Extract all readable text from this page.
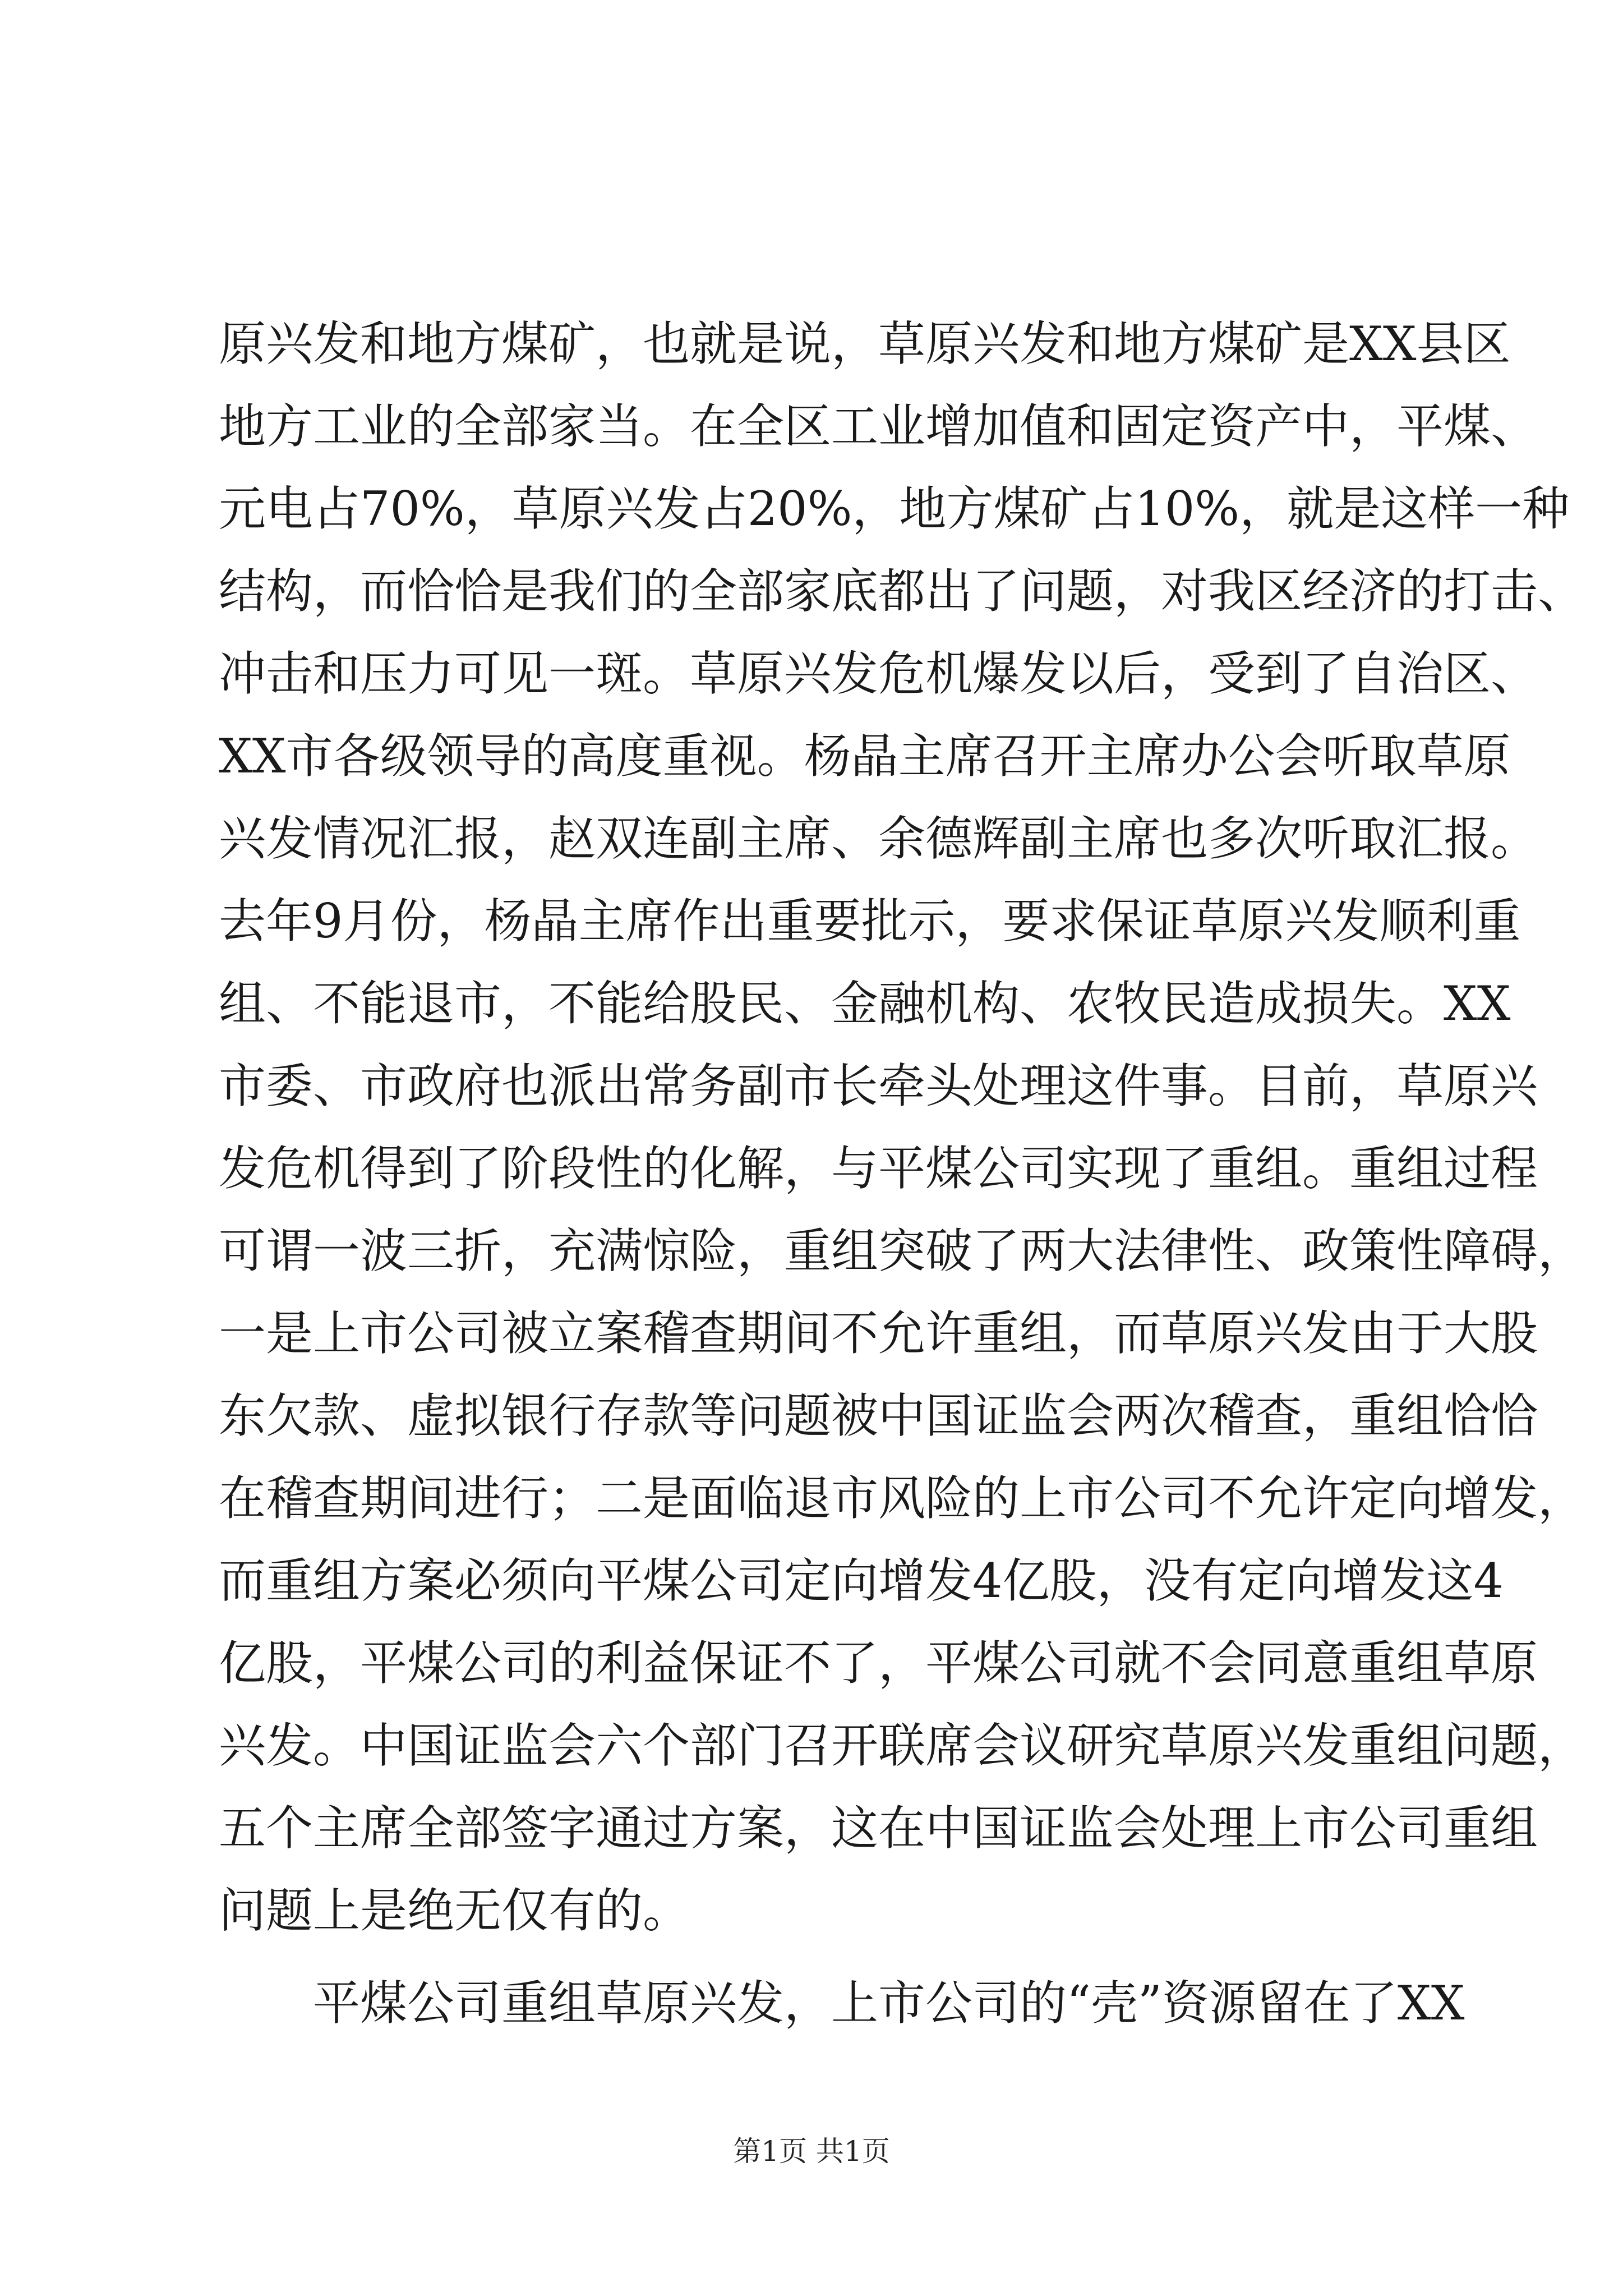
原兴发和地方煤矿，也就是说，草原兴发和地方煤矿是XX县区
地方工业的全部家当。在全区工业增加值和固定资产中，平煤、
元电占70%，草原兴发占20%，地方煤矿占10%，就是这样一种
结构，而恰恰是我们的全部家底都出了问题，对我区经济的打击、
冲击和压力可见一斑。草原兴发危机爆发以后，受到了自治区、
XX市各级领导的高度重视。杨晶主席召开主席办公会听取草原
兴发情况汇报，赵双连副主席、余德辉副主席也多次听取汇报。
去年9月份，杨晶主席作出重要批示，要求保证草原兴发顺利重
组、不能退市，不能给股民、金融机构、农牧民造成损失。XX
市委、市政府也派出常务副市长牵头处理这件事。目前，草原兴
发危机得到了阶段性的化解，与平煤公司实现了重组。重组过程
可谓一波三折，充满惊险，重组突破了两大法律性、政策性障碍，
一是上市公司被立案稽查期间不允许重组，而草原兴发由于大股
东欠款、虚拟银行存款等问题被中国证监会两次稽查，重组恰恰
在稽查期间进行；二是面临退市风险的上市公司不允许定向增发，
而重组方案必须向平煤公司定向增发4亿股，没有定向增发这4
亿股，平煤公司的利益保证不了，平煤公司就不会同意重组草原
兴发。中国证监会六个部门召开联席会议研究草原兴发重组问题，
五个主席全部签字通过方案，这在中国证监会处理上市公司重组
问题上是绝无仅有的。
平煤公司重组草原兴发，上市公司的“壳”资源留在了XX
第1页 共1页
